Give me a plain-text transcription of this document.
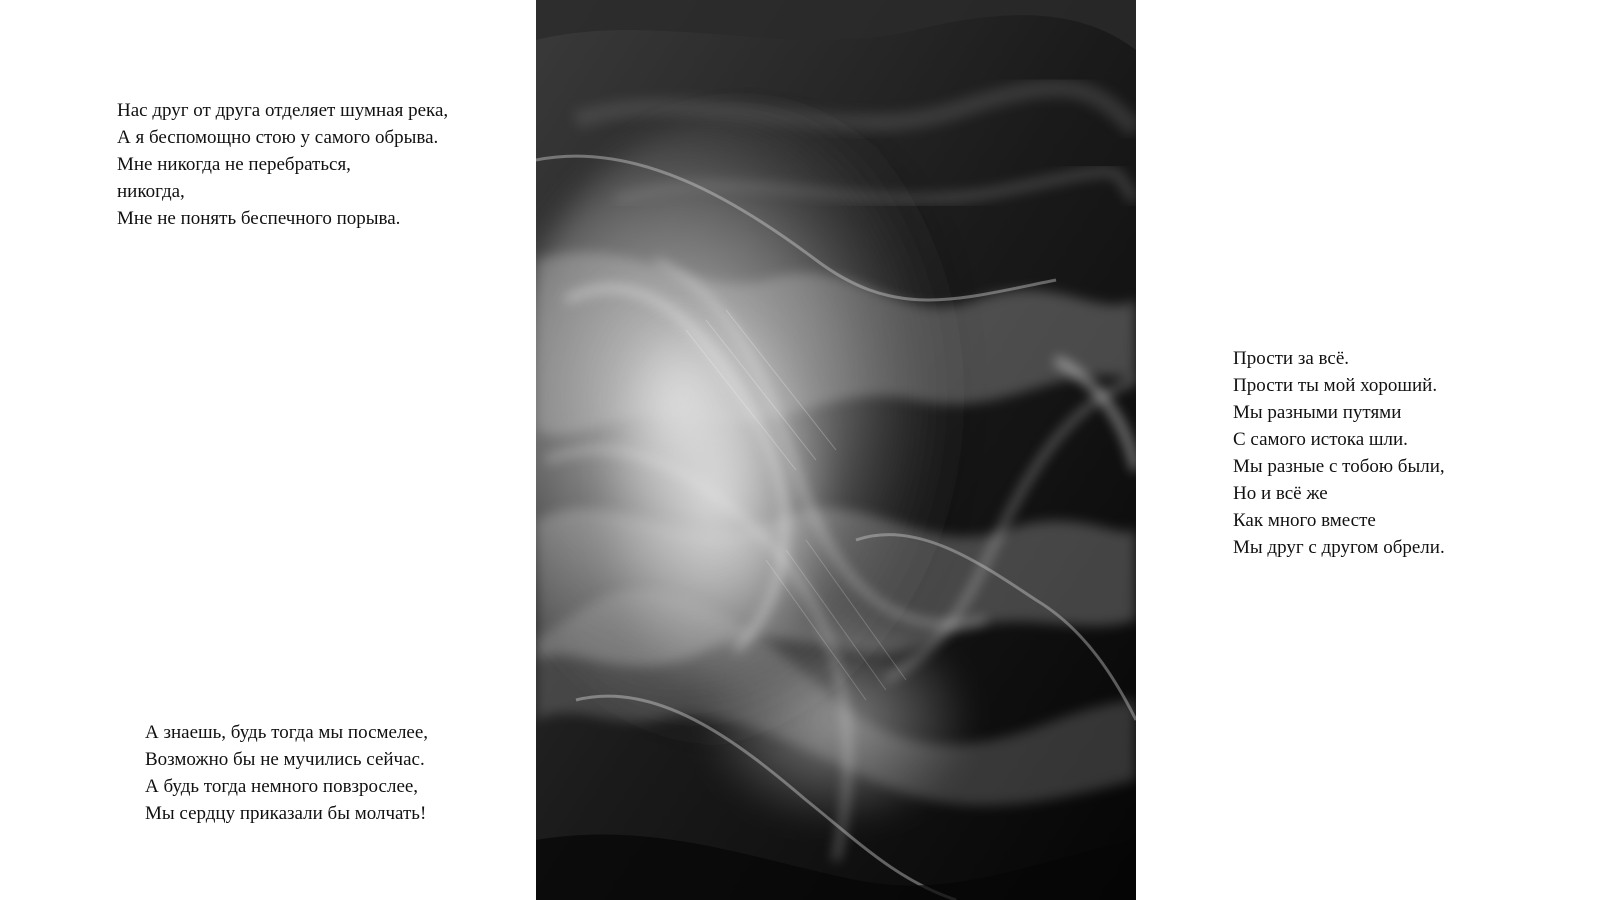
Нас друг от друга отделяет шумная река,
А я беспомощно стою у самого обрыва.
Мне никогда не перебраться,
никогда,
Мне не понять беспечного порыва.
А знаешь, будь тогда мы посмелее,
Возможно бы не мучились сейчас.
А будь тогда немного повзрослее,
Мы сердцу приказали бы молчать!
Прости за всё.
Прости ты мой хороший.
Мы разными путями
С самого истока шли.
Мы разные с тобою были,
Но и всё же
Как много вместе
Мы друг с другом обрели.
